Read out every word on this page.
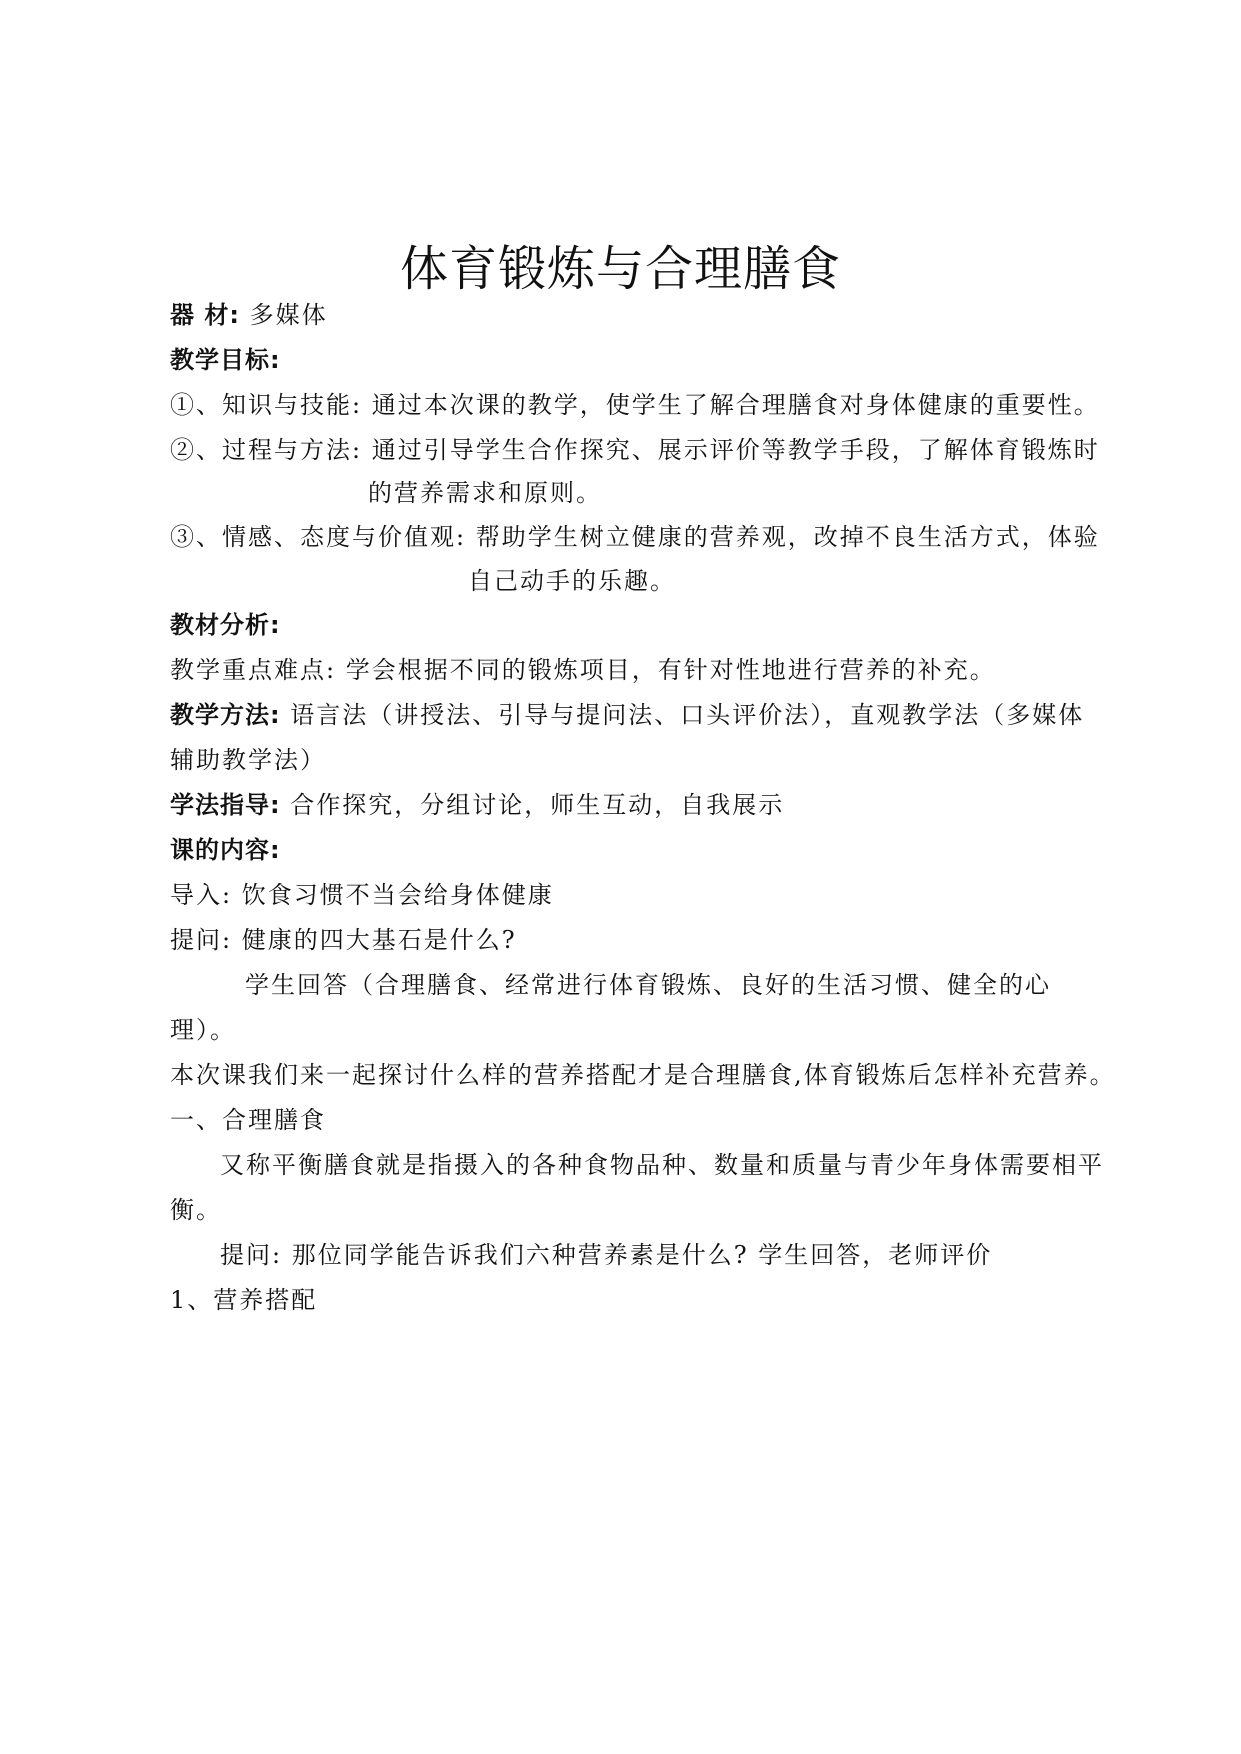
体育锻炼与合理膳食
器 材: 多媒体
教学目标:
①、知识与技能: 通过本次课的教学，使学生了解合理膳食对身体健康的重要性。
②、过程与方法: 通过引导学生合作探究、展示评价等教学手段，了解体育锻炼时
的营养需求和原则。
③、情感、态度与价值观: 帮助学生树立健康的营养观，改掉不良生活方式，体验
自己动手的乐趣。
教材分析:
教学重点难点: 学会根据不同的锻炼项目，有针对性地进行营养的补充。
教学方法: 语言法（讲授法、引导与提问法、口头评价法），直观教学法（多媒体
辅助教学法）
学法指导: 合作探究，分组讨论，师生互动，自我展示
课的内容:
导入: 饮食习惯不当会给身体健康
提问: 健康的四大基石是什么?
学生回答（合理膳食、经常进行体育锻炼、良好的生活习惯、健全的心
理）。
本次课我们来一起探讨什么样的营养搭配才是合理膳食,体育锻炼后怎样补充营养。
一、合理膳食
又称平衡膳食就是指摄入的各种食物品种、数量和质量与青少年身体需要相平
衡。
提问: 那位同学能告诉我们六种营养素是什么? 学生回答，老师评价
1、营养搭配
